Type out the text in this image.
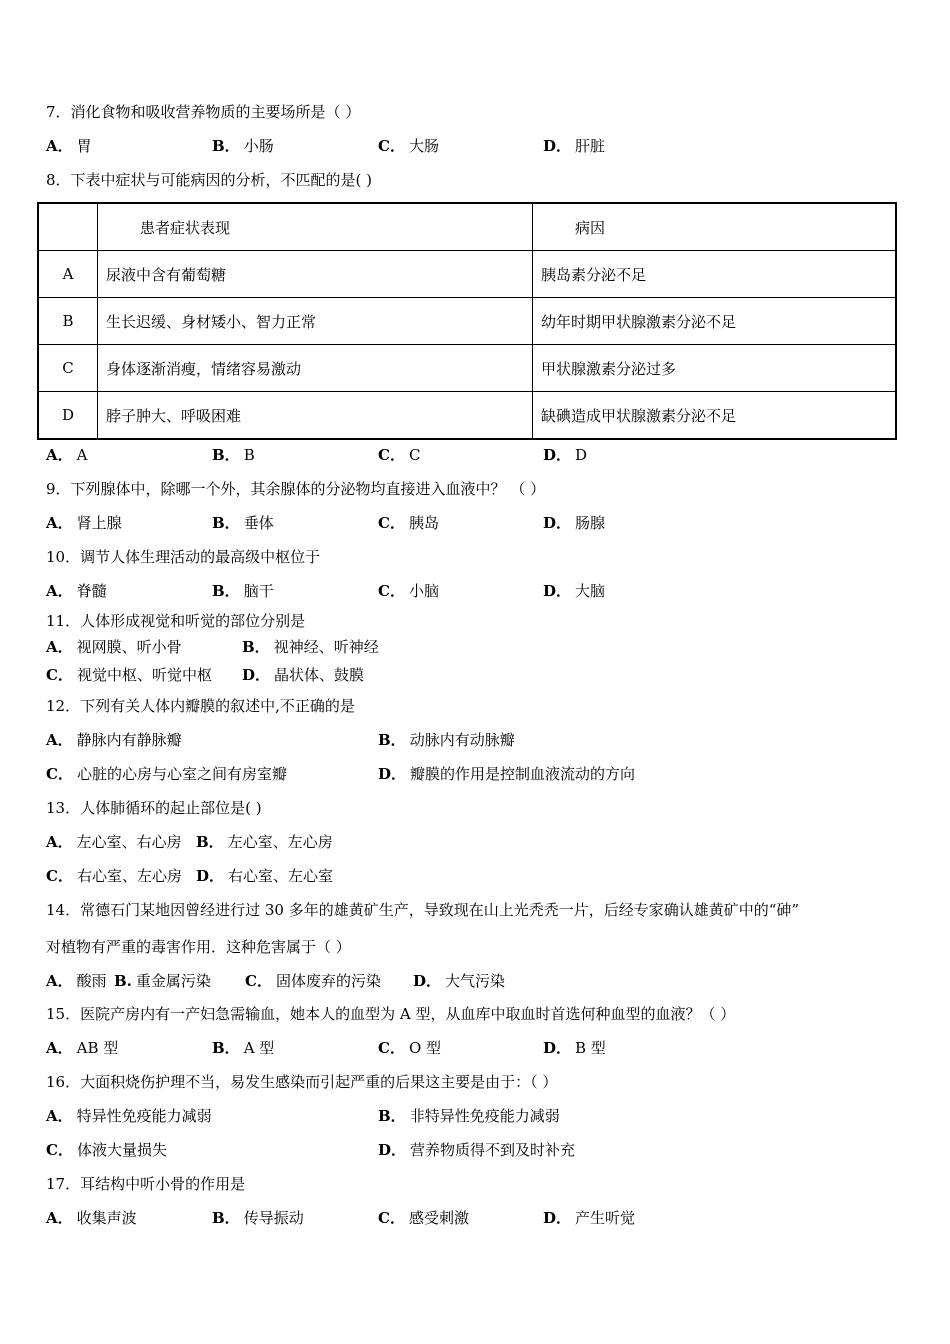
7．消化食物和吸收营养物质的主要场所是（ ）
A． 胃	B． 小肠	C． 大肠	D． 肝脏
8．下表中症状与可能病因的分析，不匹配的是( )
	患者症状表现	病因
A	尿液中含有葡萄糖	胰岛素分泌不足
B	生长迟缓、身材矮小、智力正常	幼年时期甲状腺激素分泌不足
C	身体逐渐消瘦，情绪容易激动	甲状腺激素分泌过多
D	脖子肿大、呼吸困难	缺碘造成甲状腺激素分泌不足
A． A	B． B	C． C	D． D
9．下列腺体中，除哪一个外，其余腺体的分泌物均直接进入血液中？ （ ）
A． 肾上腺	B． 垂体	C． 胰岛	D． 肠腺
10．调节人体生理活动的最高级中枢位于
A． 脊髓	B． 脑干	C． 小脑	D． 大脑
11．人体形成视觉和听觉的部位分别是
A． 视网膜、听小骨	B． 视神经、听神经
C． 视觉中枢、听觉中枢 D． 晶状体、鼓膜
12．下列有关人体内瓣膜的叙述中,不正确的是
A． 静脉内有静脉瓣	B． 动脉内有动脉瓣
C． 心脏的心房与心室之间有房室瓣	D． 瓣膜的作用是控制血液流动的方向
13．人体肺循环的起止部位是( )
A． 左心室、右心房 B． 左心室、左心房
C． 右心室、左心房 D． 右心室、左心室
14．常德石门某地因曾经进行过 30 多年的雄黄矿生产，导致现在山上光秃秃一片，后经专家确认雄黄矿中的“砷”
对植物有严重的毒害作用．这种危害属于（ ）
A． 酸雨 B. 重金属污染 C． 固体废弃的污染 D． 大气污染
15．医院产房内有一产妇急需输血，她本人的血型为 A 型，从血库中取血时首选何种血型的血液？（ ）
A． AB 型	B． A 型	C． O 型	D． B 型
16．大面积烧伤护理不当，易发生感染而引起严重的后果这主要是由于：（ ）
A． 特异性免疫能力减弱	B． 非特异性免疫能力减弱
C． 体液大量损失	D． 营养物质得不到及时补充
17．耳结构中听小骨的作用是
A． 收集声波	B． 传导振动	C． 感受刺激	D． 产生听觉
